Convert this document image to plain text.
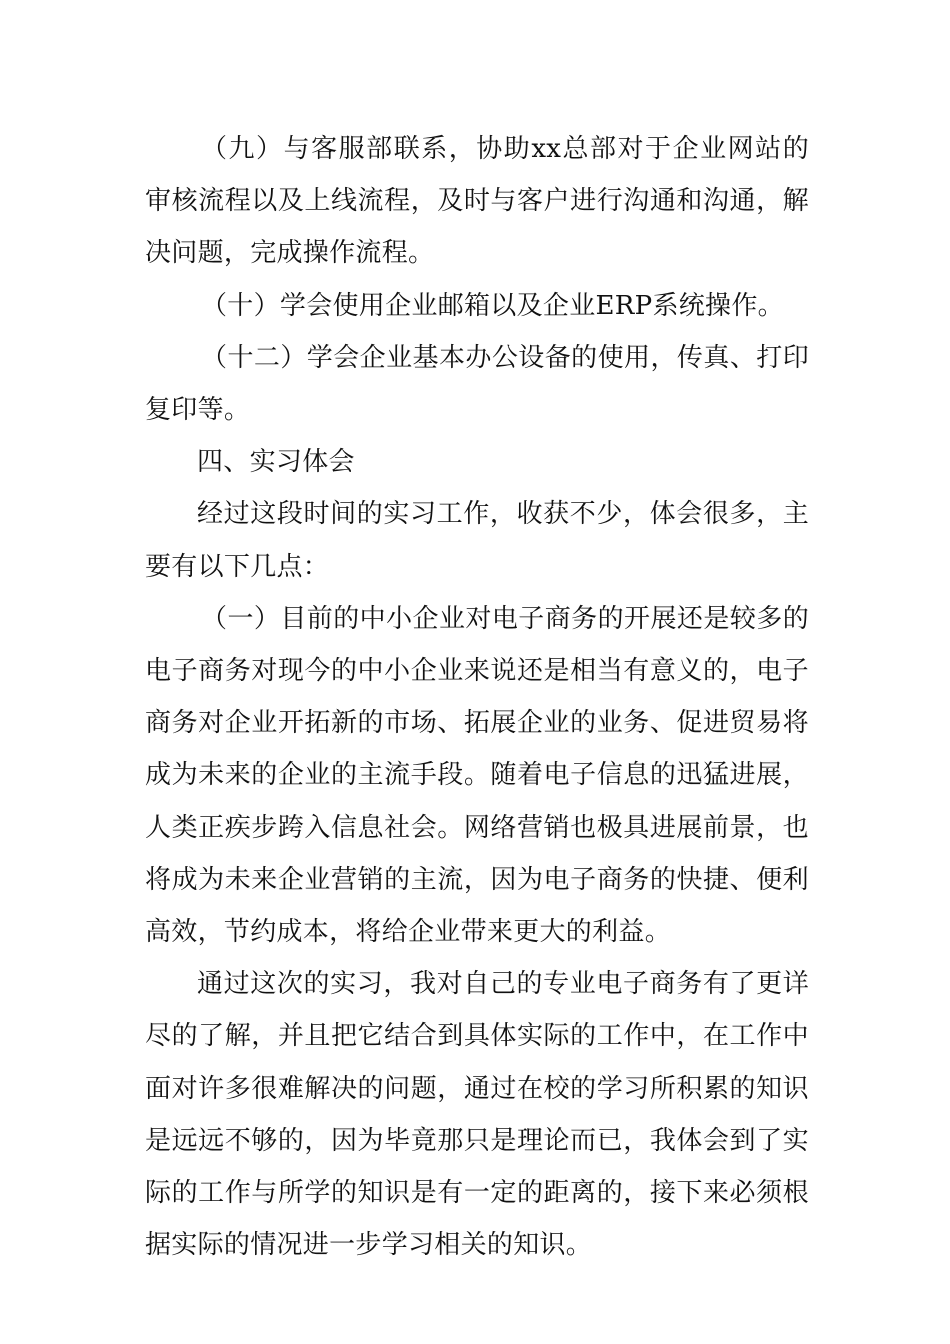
（九）与客服部联系，协助xx总部对于企业网站的审核流程以及上线流程，及时与客户进行沟通和沟通，解决问题，完成操作流程。

（十）学会使用企业邮箱以及企业ERP系统操作。

（十二）学会企业基本办公设备的使用，传真、打印复印等。

四、实习体会

经过这段时间的实习工作，收获不少，体会很多，主要有以下几点：

（一）目前的中小企业对电子商务的开展还是较多的电子商务对现今的中小企业来说还是相当有意义的，电子商务对企业开拓新的市场、拓展企业的业务、促进贸易将成为未来的企业的主流手段。随着电子信息的迅猛进展，人类正疾步跨入信息社会。网络营销也极具进展前景，也将成为未来企业营销的主流，因为电子商务的快捷、便利高效，节约成本，将给企业带来更大的利益。

通过这次的实习，我对自己的专业电子商务有了更详尽的了解，并且把它结合到具体实际的工作中，在工作中面对许多很难解决的问题，通过在校的学习所积累的知识是远远不够的，因为毕竟那只是理论而已，我体会到了实际的工作与所学的知识是有一定的距离的，接下来必须根据实际的情况进一步学习相关的知识。
